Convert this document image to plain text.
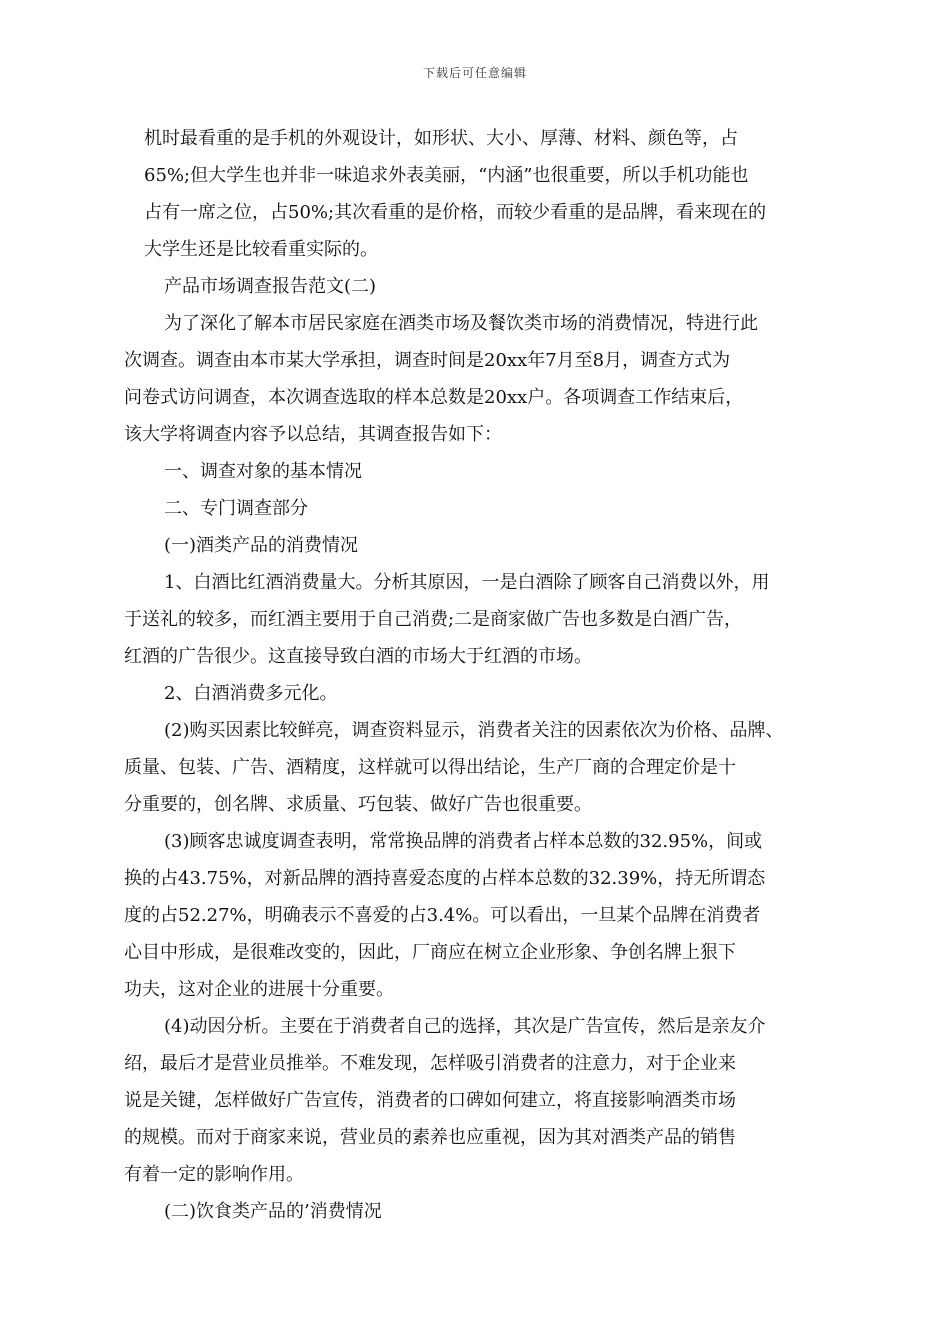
下载后可任意编辑

机时最看重的是手机的外观设计，如形状、大小、厚薄、材料、颜色等，占
65%;但大学生也并非一味追求外表美丽，“内涵”也很重要，所以手机功能也
占有一席之位，占50%;其次看重的是价格，而较少看重的是品牌，看来现在的
大学生还是比较看重实际的。

产品市场调查报告范文(二)

为了深化了解本市居民家庭在酒类市场及餐饮类市场的消费情况，特进行此
次调查。调查由本市某大学承担，调查时间是20xx年7月至8月，调查方式为
问卷式访问调查，本次调查选取的样本总数是20xx户。各项调查工作结束后，
该大学将调查内容予以总结，其调查报告如下：

一、调查对象的基本情况

二、专门调查部分

(一)酒类产品的消费情况

1、白酒比红酒消费量大。分析其原因，一是白酒除了顾客自己消费以外，用
于送礼的较多，而红酒主要用于自己消费;二是商家做广告也多数是白酒广告，
红酒的广告很少。这直接导致白酒的市场大于红酒的市场。

2、白酒消费多元化。

(2)购买因素比较鲜亮，调查资料显示，消费者关注的因素依次为价格、品牌、
质量、包装、广告、酒精度，这样就可以得出结论，生产厂商的合理定价是十
分重要的，创名牌、求质量、巧包装、做好广告也很重要。

(3)顾客忠诚度调查表明，常常换品牌的消费者占样本总数的32.95%，间或
换的占43.75%，对新品牌的酒持喜爱态度的占样本总数的32.39%，持无所谓态
度的占52.27%，明确表示不喜爱的占3.4%。可以看出，一旦某个品牌在消费者
心目中形成，是很难改变的，因此，厂商应在树立企业形象、争创名牌上狠下
功夫，这对企业的进展十分重要。

(4)动因分析。主要在于消费者自己的选择，其次是广告宣传，然后是亲友介
绍，最后才是营业员推举。不难发现，怎样吸引消费者的注意力，对于企业来
说是关键，怎样做好广告宣传，消费者的口碑如何建立，将直接影响酒类市场
的规模。而对于商家来说，营业员的素养也应重视，因为其对酒类产品的销售
有着一定的影响作用。

(二)饮食类产品的’消费情况
